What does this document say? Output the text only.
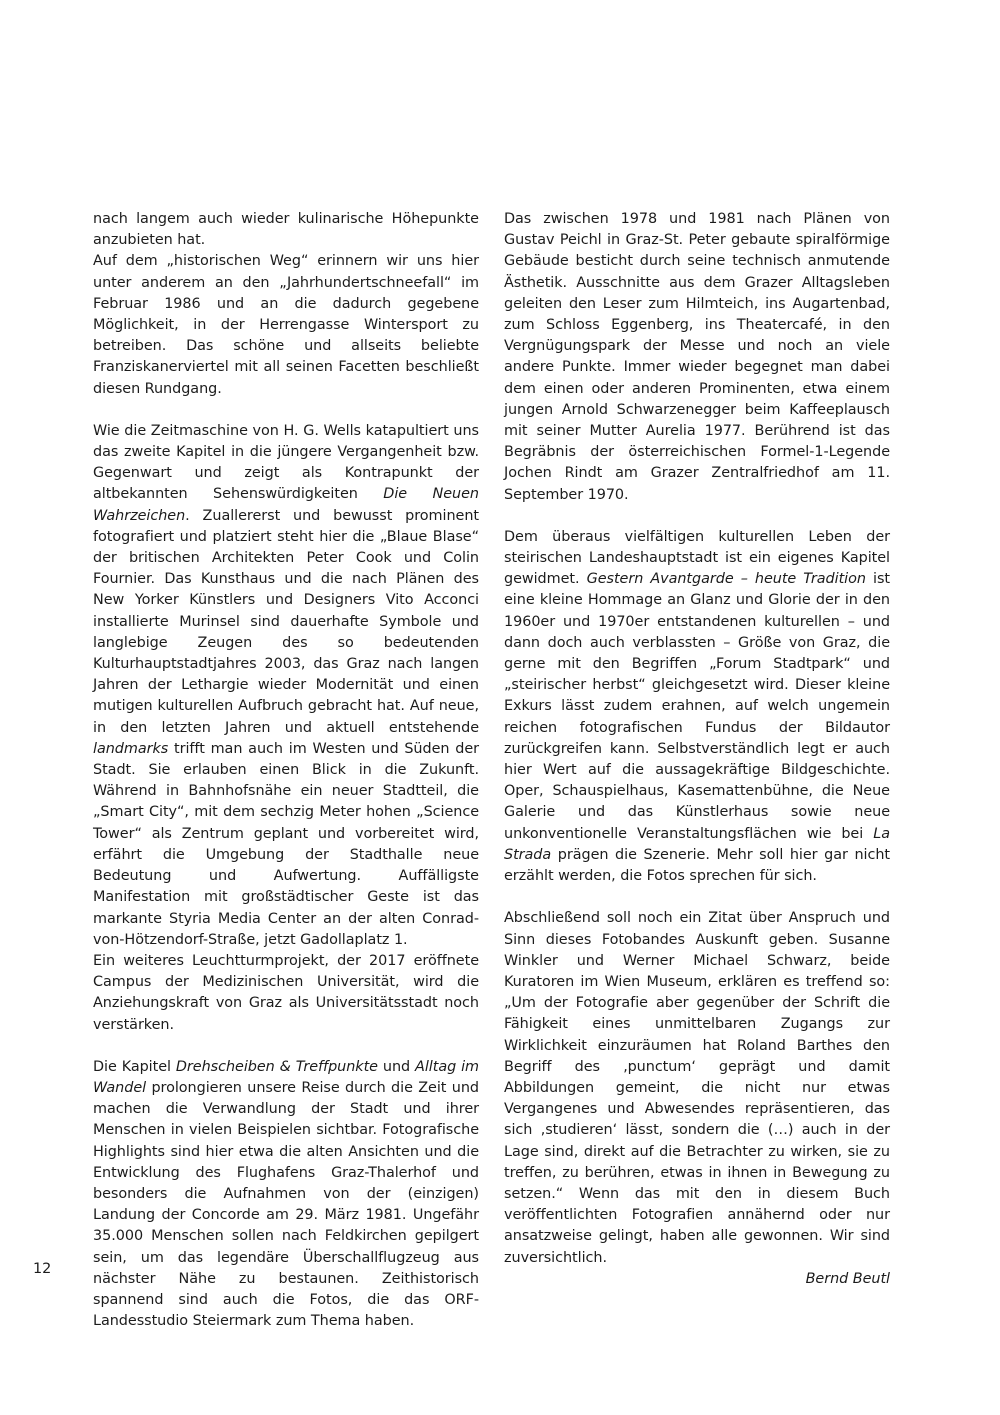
nach langem auch wieder kulinarische Höhepunkte anzubieten hat.

Auf dem „historischen Weg“ erinnern wir uns hier unter anderem an den „Jahrhundertschneefall“ im Februar 1986 und an die dadurch gegebene Möglichkeit, in der Herrengasse Wintersport zu betreiben. Das schöne und allseits beliebte Franziskanerviertel mit all seinen Facetten beschließt diesen Rundgang.

Wie die Zeitmaschine von H. G. Wells katapultiert uns das zweite Kapitel in die jüngere Vergangenheit bzw. Gegenwart und zeigt als Kontrapunkt der altbekannten Sehenswürdigkeiten Die Neuen Wahrzeichen. Zuallererst und bewusst prominent fotografiert und platziert steht hier die „Blaue Blase“ der britischen Architekten Peter Cook und Colin Fournier. Das Kunsthaus und die nach Plänen des New Yorker Künstlers und Designers Vito Acconci installierte Murinsel sind dauerhafte Symbole und langlebige Zeugen des so bedeutenden Kulturhauptstadtjahres 2003, das Graz nach langen Jahren der Lethargie wieder Modernität und einen mutigen kulturellen Aufbruch gebracht hat. Auf neue, in den letzten Jahren und aktuell entstehende landmarks trifft man auch im Westen und Süden der Stadt. Sie erlauben einen Blick in die Zukunft. Während in Bahnhofsnähe ein neuer Stadtteil, die „Smart City“, mit dem sechzig Meter hohen „Science Tower“ als Zentrum geplant und vorbereitet wird, erfährt die Umgebung der Stadthalle neue Bedeutung und Aufwertung. Auffälligste Manifestation mit großstädtischer Geste ist das markante Styria Media Center an der alten Conrad-von-Hötzendorf-Straße, jetzt Gadollaplatz 1.

Ein weiteres Leuchtturmprojekt, der 2017 eröffnete Campus der Medizinischen Universität, wird die Anziehungskraft von Graz als Universitätsstadt noch verstärken.

Die Kapitel Drehscheiben & Treffpunkte und Alltag im Wandel prolongieren unsere Reise durch die Zeit und machen die Verwandlung der Stadt und ihrer Menschen in vielen Beispielen sichtbar. Fotografische Highlights sind hier etwa die alten Ansichten und die Entwicklung des Flughafens Graz-Thalerhof und besonders die Aufnahmen von der (einzigen) Landung der Concorde am 29. März 1981. Ungefähr 35.000 Menschen sollen nach Feldkirchen gepilgert sein, um das legendäre Überschallflugzeug aus nächster Nähe zu bestaunen. Zeithistorisch spannend sind auch die Fotos, die das ORF-Landesstudio Steiermark zum Thema haben.

Das zwischen 1978 und 1981 nach Plänen von Gustav Peichl in Graz-St. Peter gebaute spiralförmige Gebäude besticht durch seine technisch anmutende Ästhetik. Ausschnitte aus dem Grazer Alltagsleben geleiten den Leser zum Hilmteich, ins Augartenbad, zum Schloss Eggenberg, ins Theatercafé, in den Vergnügungspark der Messe und noch an viele andere Punkte. Immer wieder begegnet man dabei dem einen oder anderen Prominenten, etwa einem jungen Arnold Schwarzenegger beim Kaffeeplausch mit seiner Mutter Aurelia 1977. Berührend ist das Begräbnis der österreichischen Formel-1-Legende Jochen Rindt am Grazer Zentralfriedhof am 11. September 1970.

Dem überaus vielfältigen kulturellen Leben der steirischen Landeshauptstadt ist ein eigenes Kapitel gewidmet. Gestern Avantgarde – heute Tradition ist eine kleine Hommage an Glanz und Glorie der in den 1960er und 1970er entstandenen kulturellen – und dann doch auch verblassten – Größe von Graz, die gerne mit den Begriffen „Forum Stadtpark“ und „steirischer herbst“ gleichgesetzt wird. Dieser kleine Exkurs lässt zudem erahnen, auf welch ungemein reichen fotografischen Fundus der Bildautor zurückgreifen kann. Selbstverständlich legt er auch hier Wert auf die aussagekräftige Bildgeschichte. Oper, Schauspielhaus, Kasemattenbühne, die Neue Galerie und das Künstlerhaus sowie neue unkonventionelle Veranstaltungsflächen wie bei La Strada prägen die Szenerie. Mehr soll hier gar nicht erzählt werden, die Fotos sprechen für sich.

Abschließend soll noch ein Zitat über Anspruch und Sinn dieses Fotobandes Auskunft geben. Susanne Winkler und Werner Michael Schwarz, beide Kuratoren im Wien Museum, erklären es treffend so: „Um der Fotografie aber gegenüber der Schrift die Fähigkeit eines unmittelbaren Zugangs zur Wirklichkeit einzuräumen hat Roland Barthes den Begriff des ‚punctum‘ geprägt und damit Abbildungen gemeint, die nicht nur etwas Vergangenes und Abwesendes repräsentieren, das sich ‚studieren‘ lässt, sondern die (…) auch in der Lage sind, direkt auf die Betrachter zu wirken, sie zu treffen, zu berühren, etwas in ihnen in Bewegung zu setzen.“ Wenn das mit den in diesem Buch veröffentlichten Fotografien annähernd oder nur ansatzweise gelingt, haben alle gewonnen. Wir sind zuversichtlich.

Bernd Beutl

12
